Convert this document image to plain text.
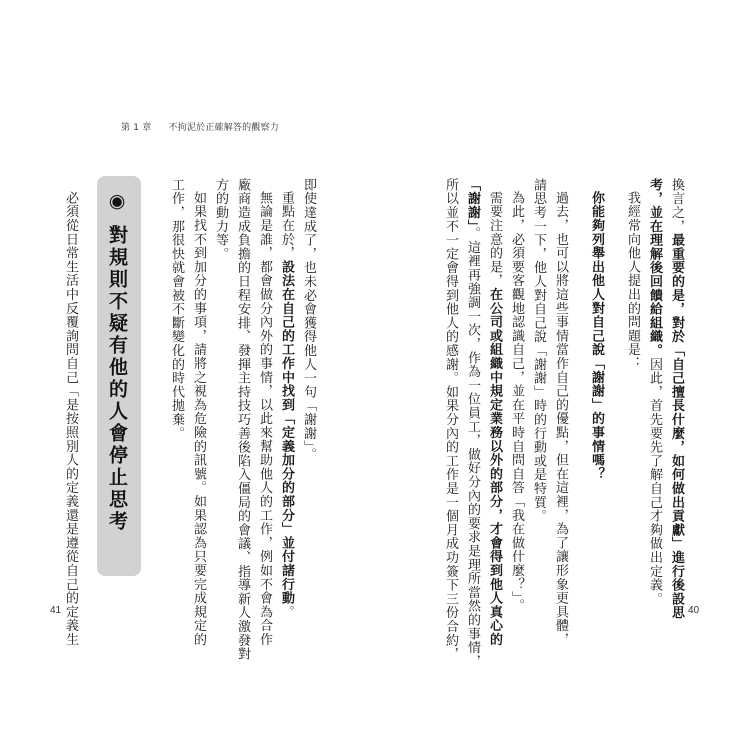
第 1 章 不拘泥於正確解答的觀察力
換言之，最重要的是，對於「自己擅長什麼，如何做出貢獻」進行後設思
考，並在理解後回饋給組織。因此，首先要先了解自己才夠做出定義。
我經常向他人提出的問題是：
你能夠列舉出他人對自己說「謝謝」的事情嗎？
過去，也可以將這些事情當作自己的優點，但在這裡，為了讓形象更具體，
請思考一下，他人對自己說「謝謝」時的行動或是特質。
為此，必須要客觀地認識自己，並在平時自問自答「我在做什麼？」。
需要注意的是，在公司或組織中規定業務以外的部分，才會得到他人真心的
「謝謝」。這裡再強調一次，作為一位員工，做好分內的要求是理所當然的事情，
所以並不一定會得到他人的感謝。如果分內的工作是一個月成功簽下三份合約，
即使達成了，也未必會獲得他人一句「謝謝」。
重點在於，設法在自己的工作中找到「定義加分的部分」並付諸行動。
無論是誰，都會做分內外的事情，以此來幫助他人的工作，例如不會為合作
廠商造成負擔的日程安排、發揮主持技巧善後陷入僵局的會議、指導新人激發對
方的動力等。
如果找不到加分的事項，請將之視為危險的訊號。如果認為只要完成規定的
工作，那很快就會被不斷變化的時代拋棄。
◉ 對規則不疑有他的人會停止思考
必須從日常生活中反覆詢問自己「是按照別人的定義還是遵從自己的定義生
41	40
